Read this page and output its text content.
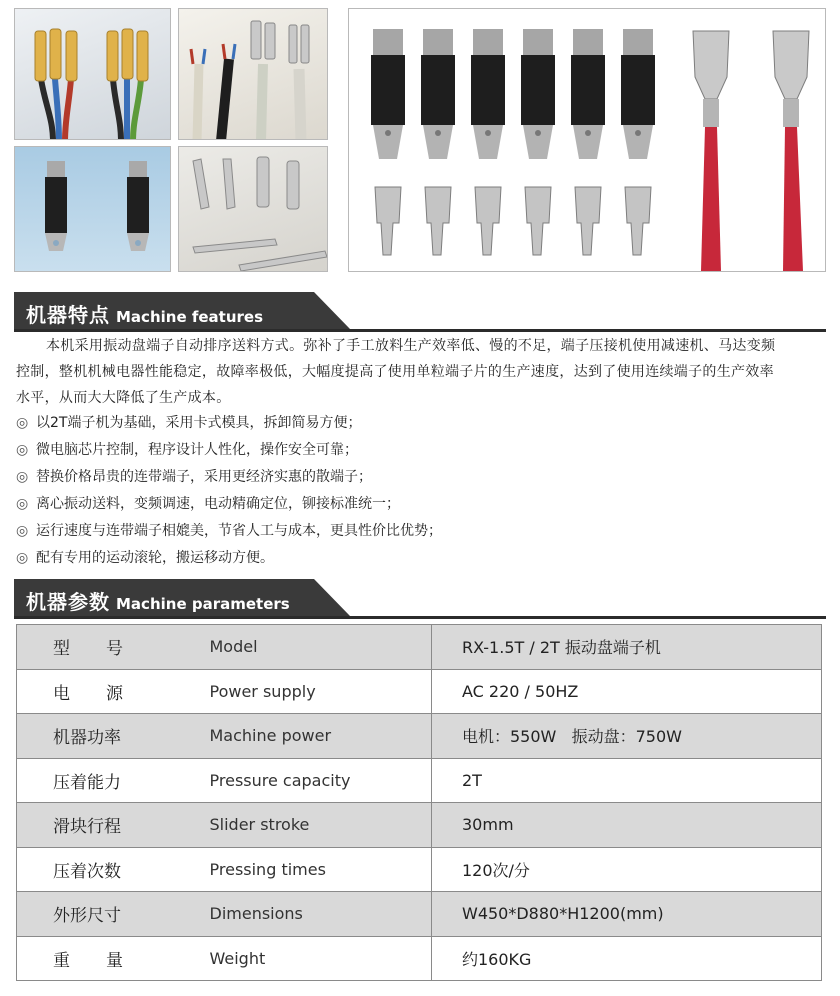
机器特点 Machine features

本机采用振动盘端子自动排序送料方式。弥补了手工放料生产效率低、慢的不足，端子压接机使用减速机、马达变频控制，整机机械电器性能稳定，故障率极低，大幅度提高了使用单粒端子片的生产速度，达到了使用连续端子的生产效率水平，从而大大降低了生产成本。

◎ 以2T端子机为基础，采用卡式模具，拆卸简易方便；
◎ 微电脑芯片控制，程序设计人性化，操作安全可靠；
◎ 替换价格昂贵的连带端子，采用更经济实惠的散端子；
◎ 离心振动送料，变频调速，电动精确定位，铆接标准统一；
◎ 运行速度与连带端子相媲美，节省人工与成本，更具性价比优势；
◎ 配有专用的运动滚轮，搬运移动方便。
机器参数 Machine parameters
型号	Model	RX-1.5T / 2T 振动盘端子机
电源	Power supply	AC 220 / 50HZ
机器功率	Machine power	电机：550W   振动盘：750W
压着能力	Pressure capacity	2T
滑块行程	Slider stroke	30mm
压着次数	Pressing times	120次/分
外形尺寸	Dimensions	W450*D880*H1200(mm)
重量	Weight	约160KG
